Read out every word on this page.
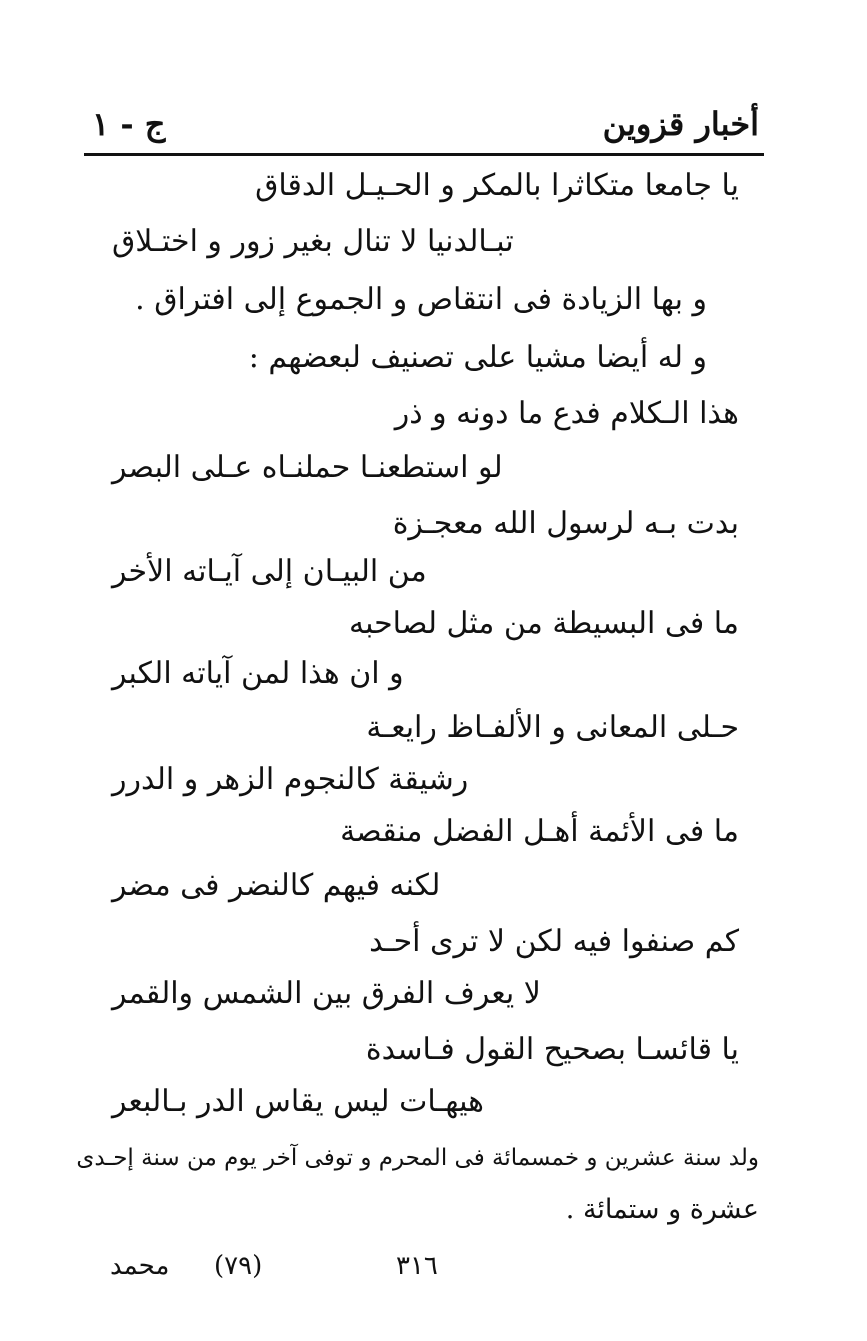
أخبار قزوين
ج - ١
يا جامعا متكاثرا بالمكر و الحـيـل الدقاق
تبـالدنيا لا تنال بغير زور و اختـلاق
و بها الزيادة فى انتقاص و الجموع إلى افتراق .
و له أيضا مشيا على تصنيف لبعضهم :
هذا الـكلام فدع ما دونه و ذر
لو استطعنـا حملنـاه عـلى البصر
بدت بـه لرسول الله معجـزة
من البيـان إلى آيـاته الأخر
ما فى البسيطة من مثل لصاحبه
و ان هذا لمن آياته الكبر
حـلى المعانى و الألفـاظ رايعـة
رشيقة كالنجوم الزهر و الدرر
ما فى الأئمة أهـل الفضل منقصة
لكنه فيهم كالنضر فى مضر
كم صنفوا فيه لكن لا ترى أحـد
لا يعرف الفرق بين الشمس والقمر
يا قائسـا بصحيح القول فـاسدة
هيهـات ليس يقاس الدر بـالبعر
ولد سنة عشرين و خمسمائة فى المحرم و توفى آخر يوم من سنة إحـدى
عشرة و ستمائة .
محمد (٧٩)	٣١٦
